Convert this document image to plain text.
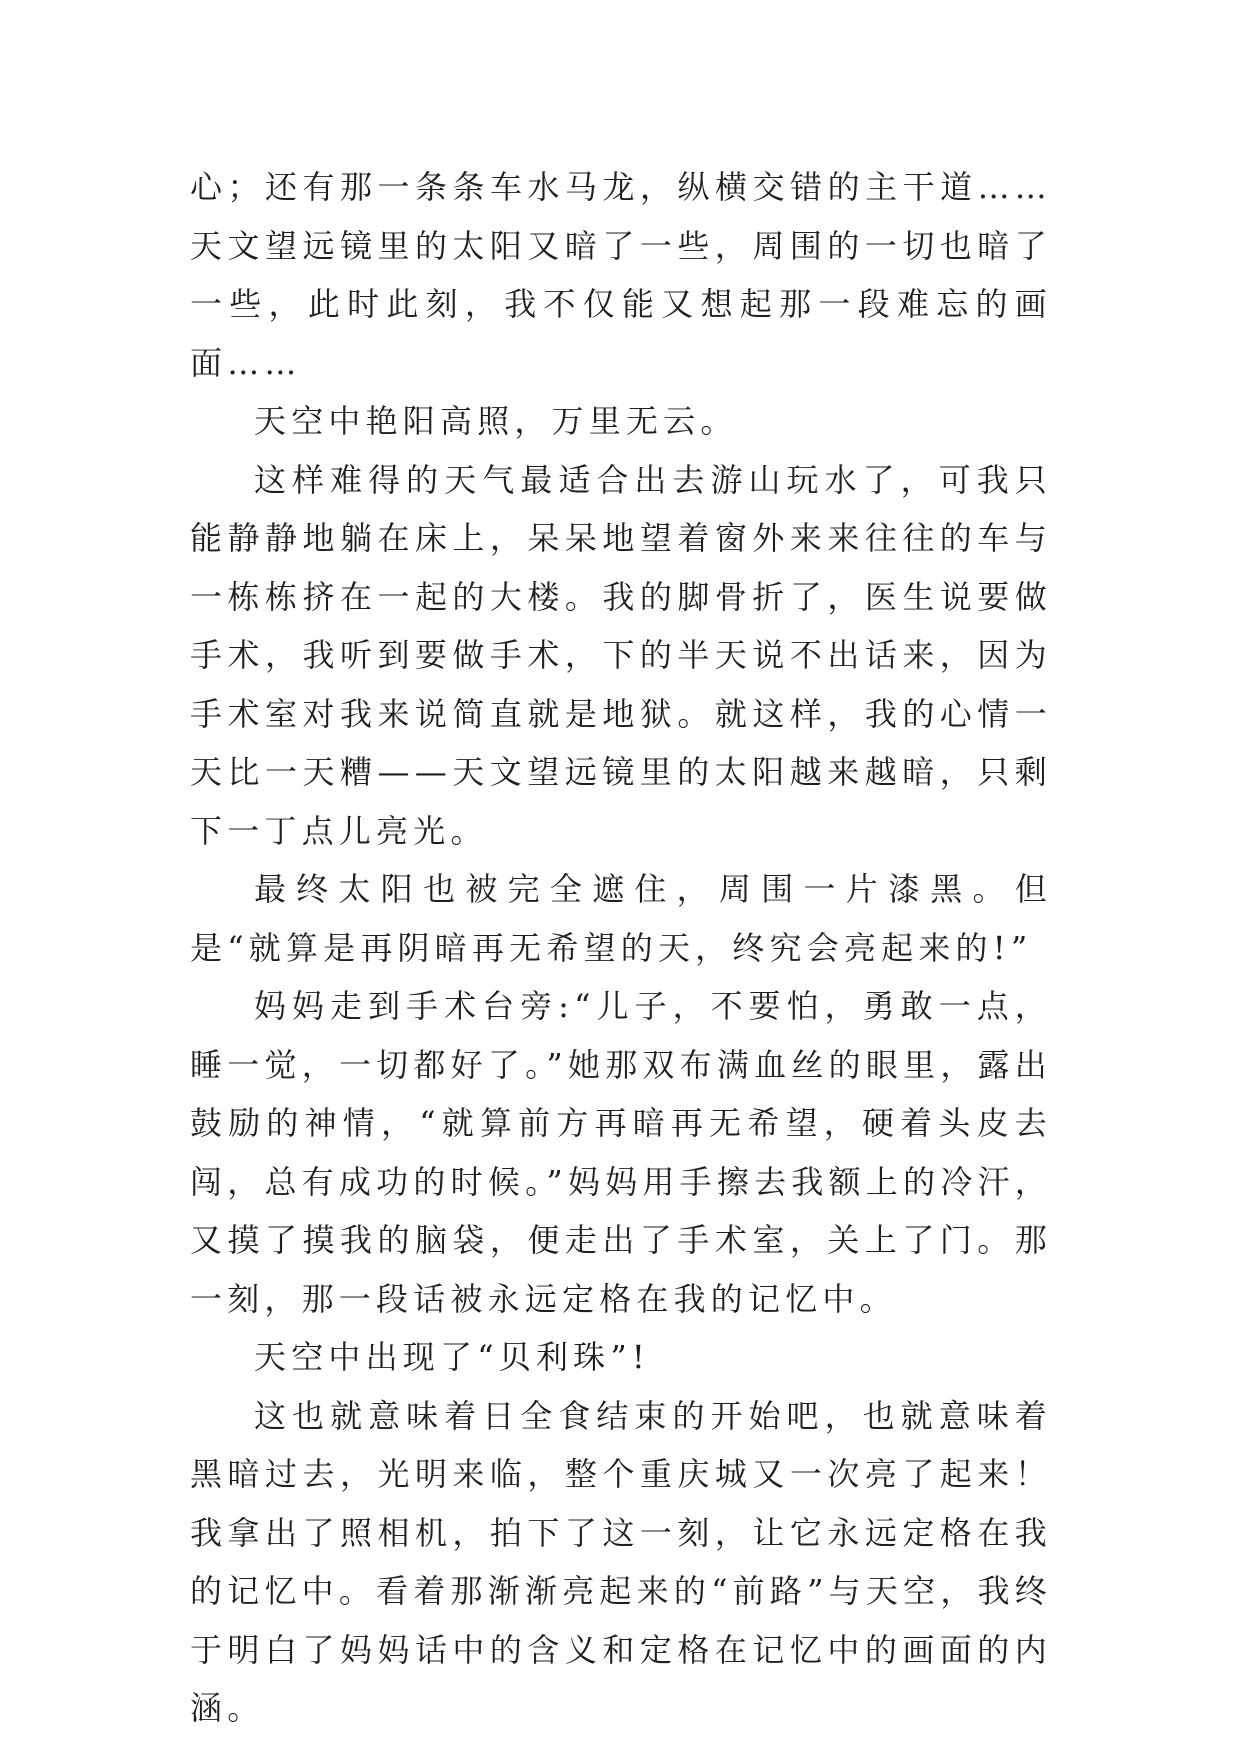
心；还有那一条条车水马龙，纵横交错的主干道……天文望远镜里的太阳又暗了一些，周围的一切也暗了一些，此时此刻，我不仅能又想起那一段难忘的画面……

天空中艳阳高照，万里无云。

这样难得的天气最适合出去游山玩水了，可我只能静静地躺在床上，呆呆地望着窗外来来往往的车与一栋栋挤在一起的大楼。我的脚骨折了，医生说要做手术，我听到要做手术，下的半天说不出话来，因为手术室对我来说简直就是地狱。就这样，我的心情一天比一天糟——天文望远镜里的太阳越来越暗，只剩下一丁点儿亮光。

最终太阳也被完全遮住，周围一片漆黑。但是“就算是再阴暗再无希望的天，终究会亮起来的!”

妈妈走到手术台旁:“儿子，不要怕，勇敢一点，睡一觉，一切都好了。”她那双布满血丝的眼里，露出鼓励的神情，“就算前方再暗再无希望，硬着头皮去闯，总有成功的时候。”妈妈用手擦去我额上的冷汗，又摸了摸我的脑袋，便走出了手术室，关上了门。那一刻，那一段话被永远定格在我的记忆中。

天空中出现了“贝利珠”!

这也就意味着日全食结束的开始吧，也就意味着黑暗过去，光明来临，整个重庆城又一次亮了起来！我拿出了照相机，拍下了这一刻，让它永远定格在我的记忆中。看着那渐渐亮起来的“前路”与天空，我终于明白了妈妈话中的含义和定格在记忆中的画面的内涵。
